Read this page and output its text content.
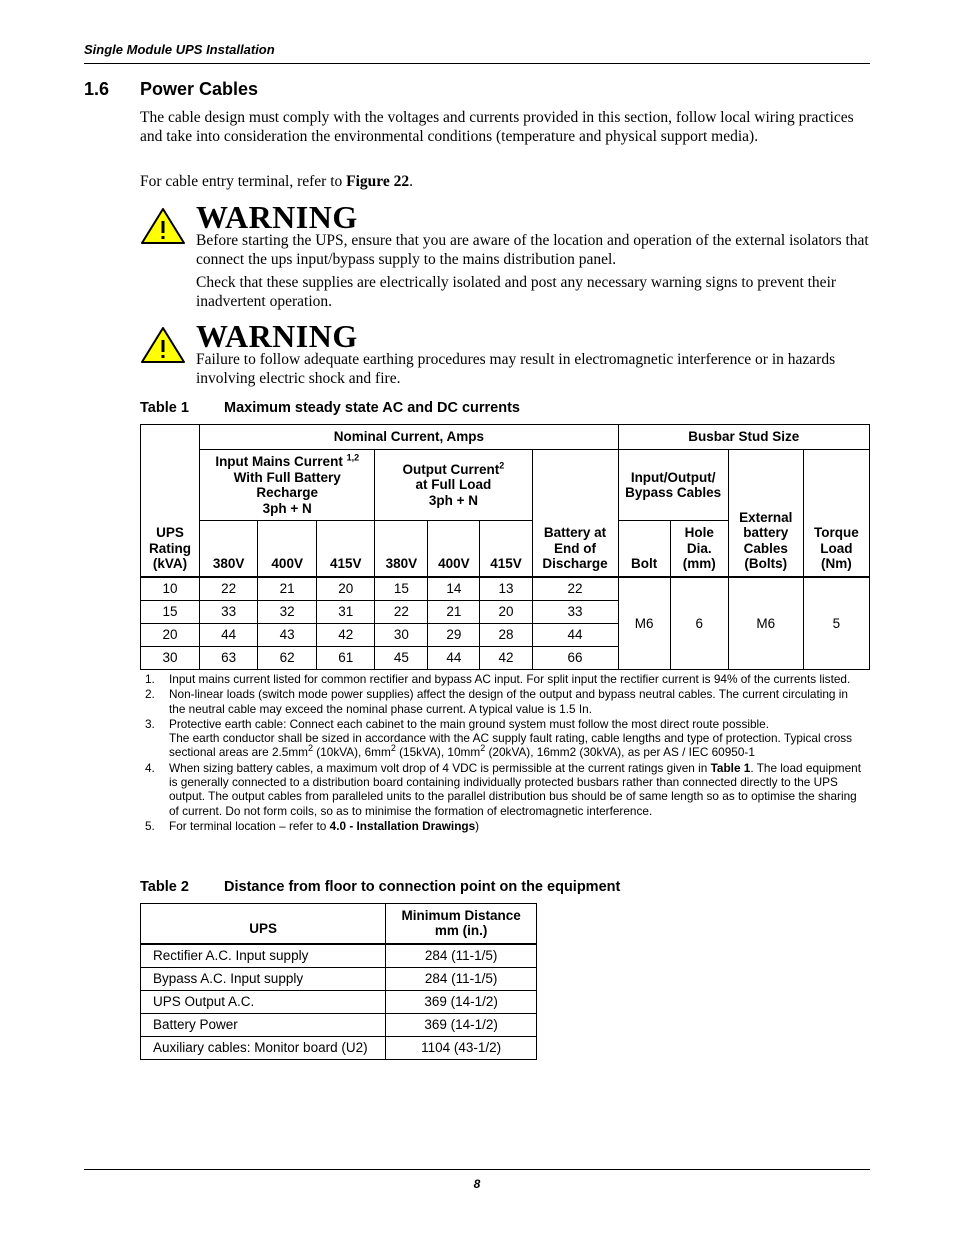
Single Module UPS Installation
1.6 Power Cables
The cable design must comply with the voltages and currents provided in this section, follow local wiring practices and take into consideration the environmental conditions (temperature and physical support media).
For cable entry terminal, refer to Figure 22.
WARNING
Before starting the UPS, ensure that you are aware of the location and operation of the external isolators that connect the ups input/bypass supply to the mains distribution panel.
Check that these supplies are electrically isolated and post any necessary warning signs to prevent their inadvertent operation.
WARNING
Failure to follow adequate earthing procedures may result in electromagnetic interference or in hazards involving electric shock and fire.
Table 1 Maximum steady state AC and DC currents
UPS Rating (kVA)	Nominal Current, Amps							Busbar Stud Size			
	Input Mains Current $^{1,2}$
With Full Battery
Recharge
3ph + N			Output Current$^2$
at Full Load
3ph + N			Battery at End of Discharge	Input/Output/ Bypass Cables		External battery Cables (Bolts)	Torque Load (Nm)
	380V	400V	415V	380V	400V	415V		Bolt	Hole Dia. (mm)		
10	22	21	20	15	14	13	22	M6	6	M6	5
15	33	32	31	22	21	20	33				
20	44	43	42	30	29	28	44				
30	63	62	61	45	44	42	66				
1.	Input mains current listed for common rectifier and bypass AC input. For split input the rectifier current is 94% of the currents listed.
2.	Non-linear loads (switch mode power supplies) affect the design of the output and bypass neutral cables. The current circulating in the neutral cable may exceed the nominal phase current. A typical value is 1.5 In.
3.	Protective earth cable: Connect each cabinet to the main ground system must follow the most direct route possible.
The earth conductor shall be sized in accordance with the AC supply fault rating, cable lengths and type of protection. Typical cross sectional areas are $2.5mm^2$ (10kVA), $6mm^2$ (15kVA), $10mm^2$ (20kVA), 16mm2 (30kVA), as per AS / IEC 60950-1
4.	When sizing battery cables, a maximum volt drop of 4 VDC is permissible at the current ratings given in Table 1. The load equipment is generally connected to a distribution board containing individually protected busbars rather than connected directly to the UPS output. The output cables from paralleled units to the parallel distribution bus should be of same length so as to optimise the sharing of current. Do not form coils, so as to minimise the formation of electromagnetic interference.
5.	For terminal location – refer to 4.0 - Installation Drawings)
Table 2 Distance from floor to connection point on the equipment
UPS	Minimum Distance
mm (in.)
Rectifier A.C. Input supply	284 (11-1/5)
Bypass A.C. Input supply	284 (11-1/5)
UPS Output A.C.	369 (14-1/2)
Battery Power	369 (14-1/2)
Auxiliary cables: Monitor board (U2)	1104 (43-1/2)
8
